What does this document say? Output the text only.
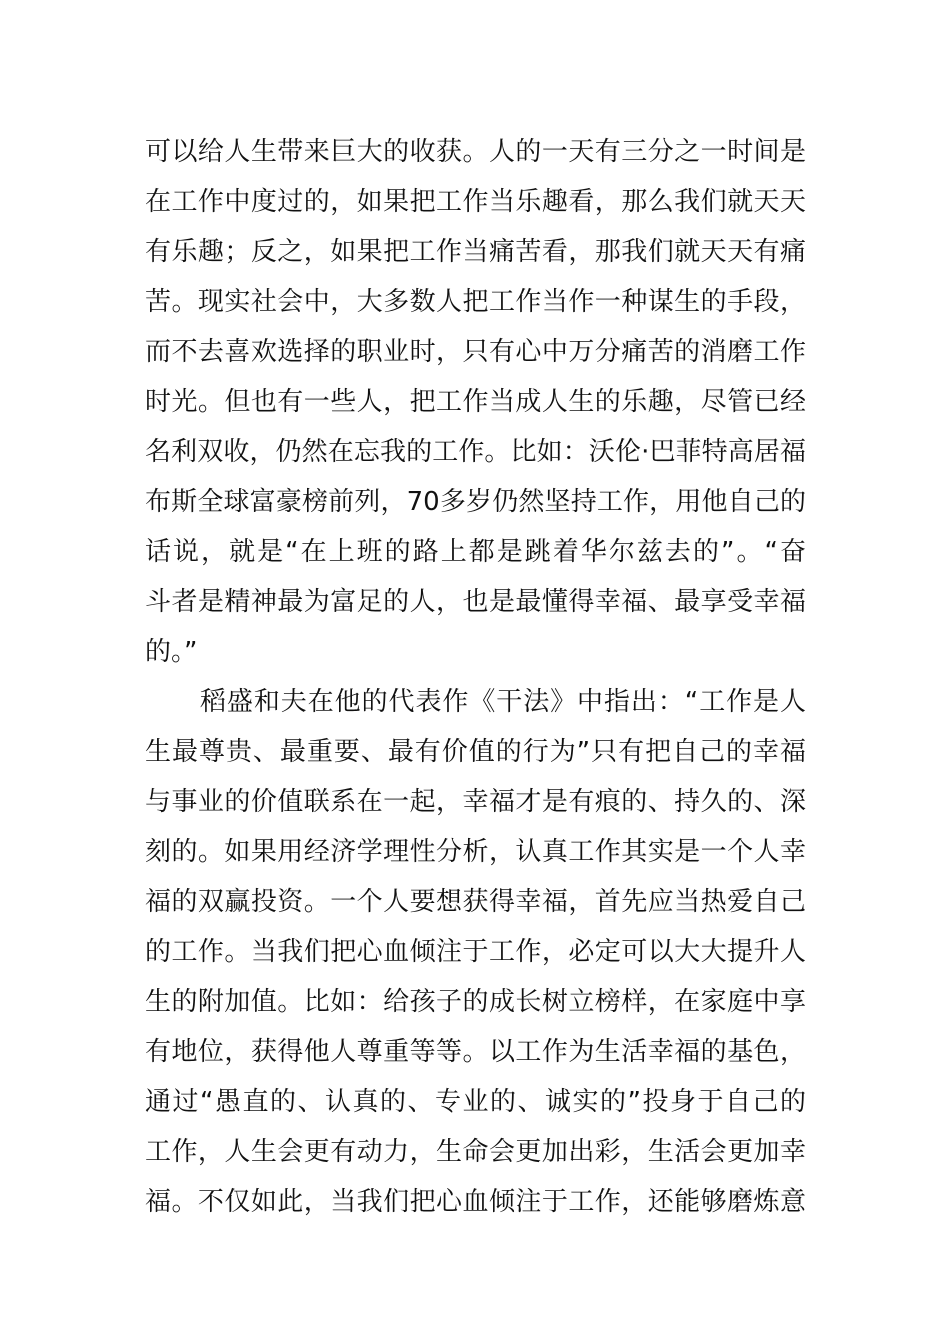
可以给人生带来巨大的收获。人的一天有三分之一时间是
在工作中度过的，如果把工作当乐趣看，那么我们就天天
有乐趣；反之，如果把工作当痛苦看，那我们就天天有痛
苦。现实社会中，大多数人把工作当作一种谋生的手段，
而不去喜欢选择的职业时，只有心中万分痛苦的消磨工作
时光。但也有一些人，把工作当成人生的乐趣，尽管已经
名利双收，仍然在忘我的工作。比如：沃伦·巴菲特高居福
布斯全球富豪榜前列，70多岁仍然坚持工作，用他自己的
话说，就是“在上班的路上都是跳着华尔兹去的”。“奋
斗者是精神最为富足的人，也是最懂得幸福、最享受幸福
的。”
稻盛和夫在他的代表作《干法》中指出：“工作是人
生最尊贵、最重要、最有价值的行为”只有把自己的幸福
与事业的价值联系在一起，幸福才是有痕的、持久的、深
刻的。如果用经济学理性分析，认真工作其实是一个人幸
福的双赢投资。一个人要想获得幸福，首先应当热爱自己
的工作。当我们把心血倾注于工作，必定可以大大提升人
生的附加值。比如：给孩子的成长树立榜样，在家庭中享
有地位，获得他人尊重等等。以工作为生活幸福的基色，
通过“愚直的、认真的、专业的、诚实的”投身于自己的
工作，人生会更有动力，生命会更加出彩，生活会更加幸
福。不仅如此，当我们把心血倾注于工作，还能够磨炼意
